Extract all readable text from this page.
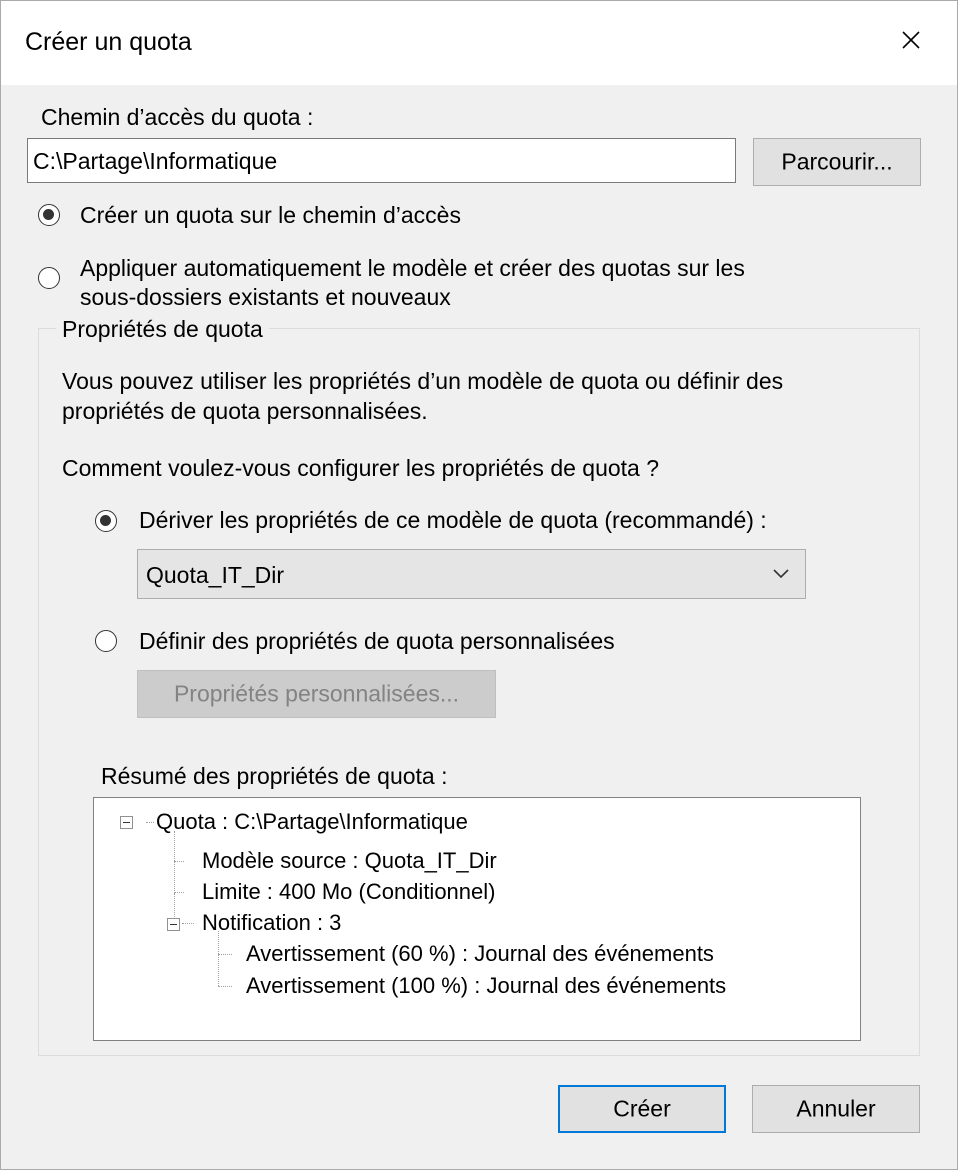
Créer un quota
Chemin d’accès du quota :
C:\Partage\Informatique	Parcourir...
Créer un quota sur le chemin d’accès
Appliquer automatiquement le modèle et créer des quotas sur les
sous-dossiers existants et nouveaux
Propriétés de quota
Vous pouvez utiliser les propriétés d’un modèle de quota ou définir des
propriétés de quota personnalisées.
Comment voulez-vous configurer les propriétés de quota ?
Dériver les propriétés de ce modèle de quota (recommandé) :
Quota_IT_Dir
Définir des propriétés de quota personnalisées
Propriétés personnalisées...
Résumé des propriétés de quota :
Quota : C:\Partage\Informatique
Modèle source : Quota_IT_Dir
Limite : 400 Mo (Conditionnel)
Notification : 3
Avertissement (60 %) : Journal des événements
Avertissement (100 %) : Journal des événements
Créer	Annuler
